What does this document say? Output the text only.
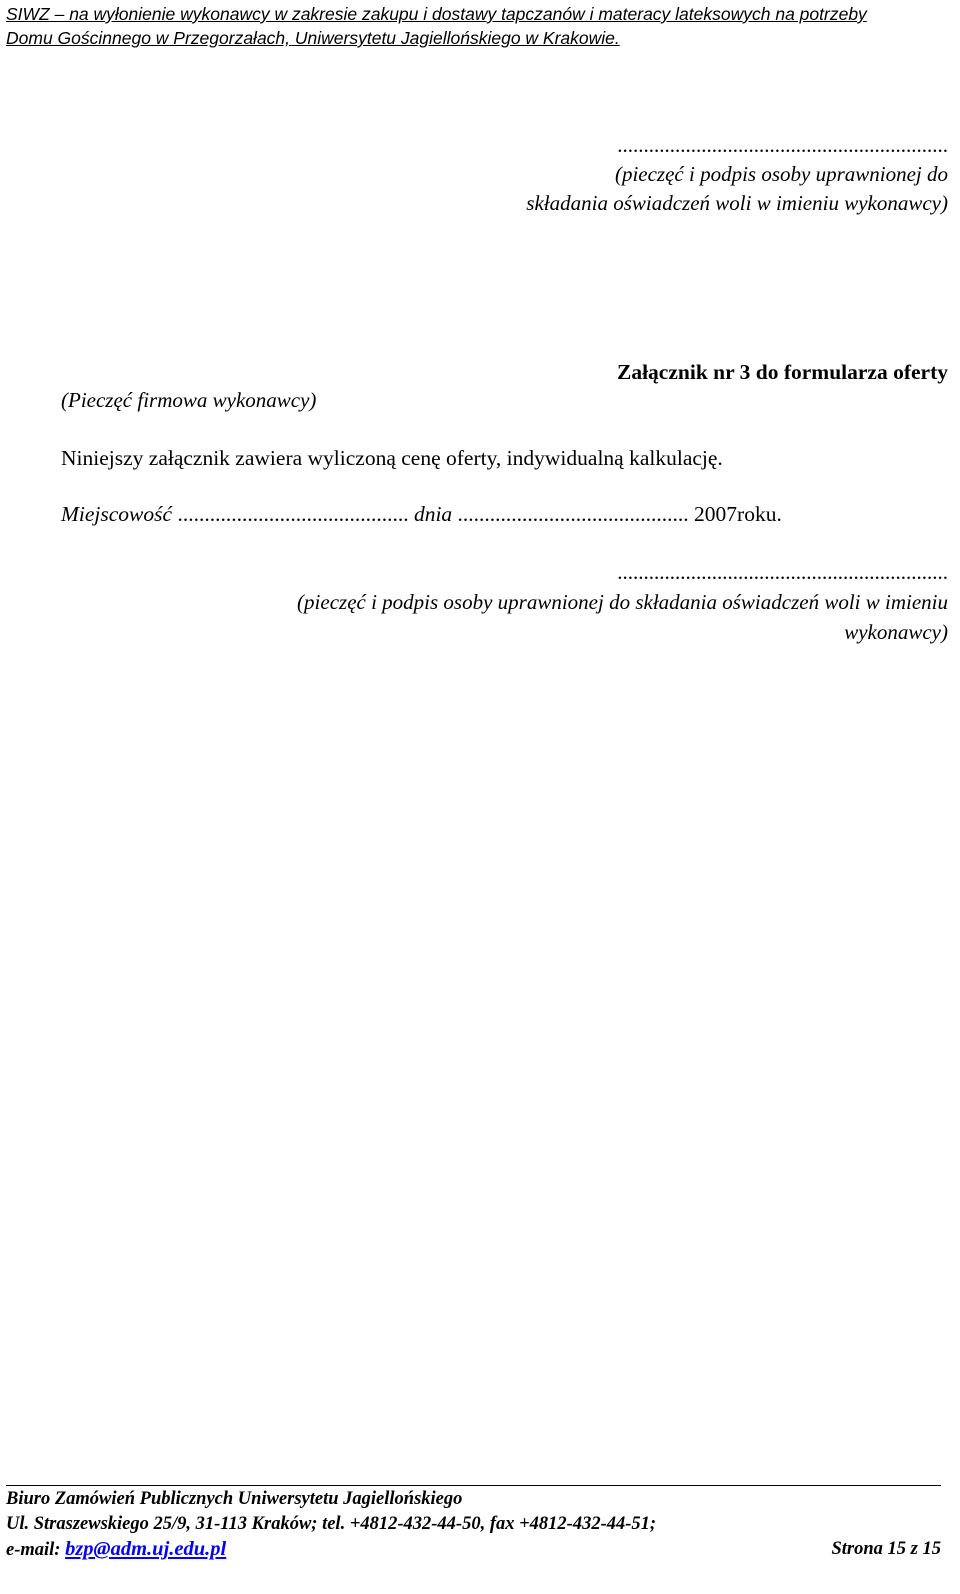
SIWZ – na wyłonienie wykonawcy w zakresie zakupu i dostawy tapczanów i materacy lateksowych na potrzeby
Domu Gościnnego w Przegorzałach, Uniwersytetu Jagiellońskiego w Krakowie.
...............................................................
(pieczęć i podpis osoby uprawnionej do
składania oświadczeń woli w imieniu wykonawcy)
Załącznik nr 3 do formularza oferty
(Pieczęć firmowa wykonawcy)
Niniejszy załącznik zawiera wyliczoną cenę oferty, indywidualną kalkulację.
Miejscowość ........................................... dnia ........................................... 2007roku.
...............................................................
(pieczęć i podpis osoby uprawnionej do składania oświadczeń woli w imieniu
wykonawcy)
Biuro Zamówień Publicznych Uniwersytetu Jagiellońskiego
Ul. Straszewskiego 25/9, 31-113 Kraków; tel. +4812-432-44-50, fax +4812-432-44-51;
e-mail: bzp@adm.uj.edu.pl	Strona 15 z 15
